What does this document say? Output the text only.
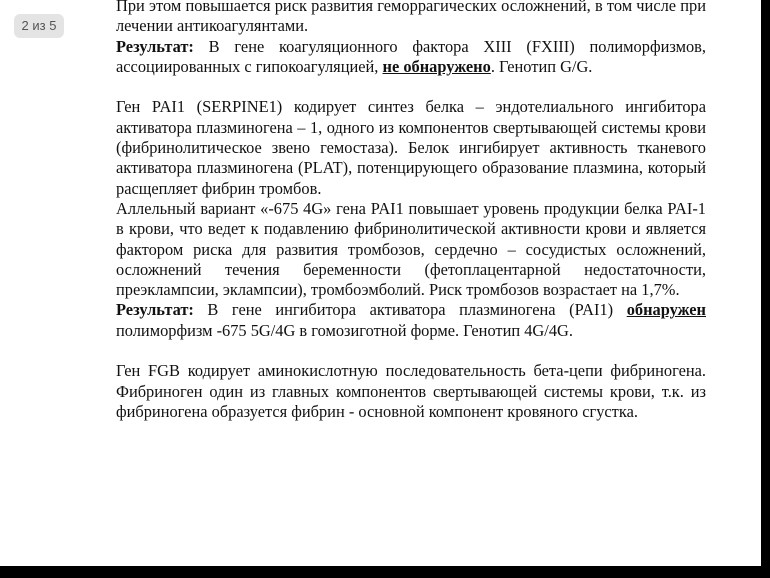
При этом повышается риск развития геморрагических осложнений, в том числе при лечении антикоагулянтами.

Результат: В гене коагуляционного фактора XIII (FXIII) полиморфизмов, ассоциированных с гипокоагуляцией, не обнаружено. Генотип G/G.

Ген PAI1 (SERPINE1) кодирует синтез белка – эндотелиального ингибитора активатора плазминогена – 1, одного из компонентов свертывающей системы крови (фибринолитическое звено гемостаза). Белок ингибирует активность тканевого активатора плазминогена (PLAT), потенцирующего образование плазмина, который расщепляет фибрин тромбов.

Аллельный вариант «-675 4G» гена PAI1 повышает уровень продукции белка PAI-1 в крови, что ведет к подавлению фибринолитической активности крови и является фактором риска для развития тромбозов, сердечно – сосудистых осложнений, осложнений течения беременности (фетоплацентарной недостаточности, преэклампсии, эклампсии), тромбоэмболий. Риск тромбозов возрастает на 1,7%.

Результат: В гене ингибитора активатора плазминогена (PAI1) обнаружен полиморфизм -675 5G/4G в гомозиготной форме. Генотип 4G/4G.

Ген FGB кодирует аминокислотную последовательность бета-цепи фибриногена. Фибриноген один из главных компонентов свертывающей системы крови, т.к. из фибриногена образуется фибрин - основной компонент кровяного сгустка.

2 из 5
